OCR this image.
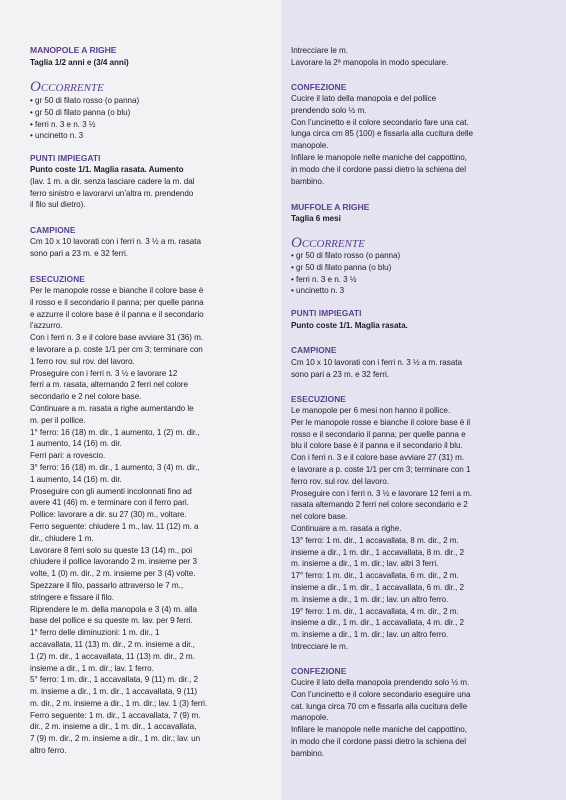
MANOPOLE A RIGHE
Taglia 1/2 anni e (3/4 anni)
Occorrente
• gr 50 di filato rosso (o panna)
• gr 50 di filato panna (o blu)
• ferri n. 3 e n. 3 ½
• uncinetto n. 3
PUNTI IMPIEGATI
Punto coste 1/1. Maglia rasata. Aumento
(lav. 1 m. a dir. senza lasciare cadere la m. dal
ferro sinistro e lavorarvi un’altra m. prendendo
il filo sul dietro).
CAMPIONE
Cm 10 x 10 lavorati con i ferri n. 3 ½ a m. rasata
sono pari a 23 m. e 32 ferri.
ESECUZIONE
Per le manopole rosse e bianche il colore base è
il rosso e il secondario il panna; per quelle panna
e azzurre il colore base è il panna e il secondario
l’azzurro.
Con i ferri n. 3 e il colore base avviare 31 (36) m.
e lavorare a p. coste 1/1 per cm 3; terminare con
1 ferro rov. sul rov. del lavoro.
Proseguire con i ferri n. 3 ½ e lavorare 12
ferri a m. rasata, alternando 2 ferri nel colore
secondario e 2 nel colore base.
Continuare a m. rasata a righe aumentando le
m. per il pollice.
1° ferro: 16 (18) m. dir., 1 aumento, 1 (2) m. dir.,
1 aumento, 14 (16) m. dir.
Ferri pari: a rovescio.
3° ferro: 16 (18) m. dir., 1 aumento, 3 (4) m. dir.,
1 aumento, 14 (16) m. dir.
Proseguire con gli aumenti incolonnati fino ad
avere 41 (46) m. e terminare con il ferro pari.
Pollice: lavorare a dir. su 27 (30) m., voltare.
Ferro seguente: chiudere 1 m., lav. 11 (12) m. a
dir., chiudere 1 m.
Lavorare 8 ferri solo su queste 13 (14) m., poi
chiudere il pollice lavorando 2 m. insieme per 3
volte, 1 (0) m. dir., 2 m. insieme per 3 (4) volte.
Spezzare il filo, passarlo attraverso le 7 m.,
stringere e fissare il filo.
Riprendere le m. della manopola e 3 (4) m. alla
base del pollice e su queste m. lav. per 9 ferri.
1° ferro delle diminuzioni: 1 m. dir., 1
accavallata, 11 (13) m. dir., 2 m. insieme a dir.,
1 (2) m. dir., 1 accavallata, 11 (13) m. dir., 2 m.
insieme a dir., 1 m. dir.; lav. 1 ferro.
5° ferro: 1 m. dir., 1 accavallata, 9 (11) m. dir., 2
m. insieme a dir., 1 m. dir., 1 accavallata, 9 (11)
m. dir., 2 m. insieme a dir., 1 m. dir.; lav. 1 (3) ferri.
Ferro seguente: 1 m. dir., 1 accavallata, 7 (9) m.
dir., 2 m. insieme a dir., 1 m. dir., 1 accavallata,
7 (9) m. dir., 2 m. insieme a dir., 1 m. dir.; lav. un
altro ferro.
Intrecciare le m.
Lavorare la 2ª manopola in modo speculare.
CONFEZIONE
Cucire il lato della manopola e del pollice
prendendo solo ½ m.
Con l’uncinetto e il colore secondario fare una cat.
lunga circa cm 85 (100) e fissarla alla cucitura delle
manopole.
Infilare le manopole nelle maniche del cappottino,
in modo che il cordone passi dietro la schiena del
bambino.
MUFFOLE A RIGHE
Taglia 6 mesi
Occorrente
• gr 50 di filato rosso (o panna)
• gr 50 di filato panna (o blu)
• ferri n. 3 e n. 3 ½
• uncinetto n. 3
PUNTI IMPIEGATI
Punto coste 1/1. Maglia rasata.
CAMPIONE
Cm 10 x 10 lavorati con i ferri n. 3 ½ a m. rasata
sono pari a 23 m. e 32 ferri.
ESECUZIONE
Le manopole per 6 mesi non hanno il pollice.
Per le manopole rosse e bianche il colore base è il
rosso e il secondario il panna; per quelle panna e
blu il colore base è il panna e il secondario il blu.
Con i ferri n. 3 e il colore base avviare 27 (31) m.
e lavorare a p. coste 1/1 per cm 3; terminare con 1
ferro rov. sul rov. del lavoro.
Proseguire con i ferri n. 3 ½ e lavorare 12 ferri a m.
rasata alternando 2 ferri nel colore secondario e 2
nel colore base.
Continuare a m. rasata a righe.
13° ferro: 1 m. dir., 1 accavallata, 8 m. dir., 2 m.
insieme a dir., 1 m. dir., 1 accavallata, 8 m. dir., 2
m. insieme a dir., 1 m. dir.; lav. altri 3 ferri.
17° ferro: 1 m. dir., 1 accavallata, 6 m. dir., 2 m.
insieme a dir., 1 m. dir., 1 accavallata, 6 m. dir., 2
m. insieme a dir., 1 m. dir.; lav. un altro ferro.
19° ferro: 1 m. dir., 1 accavallata, 4 m. dir., 2 m.
insieme a dir., 1 m. dir., 1 accavallata, 4 m. dir., 2
m. insieme a dir., 1 m. dir.; lav. un altro ferro.
Intrecciare le m.
CONFEZIONE
Cucire il lato della manopola prendendo solo ½ m.
Con l’uncinetto e il colore secondario eseguire una
cat. lunga circa 70 cm e fissarla alla cucitura delle
manopole.
Infilare le manopole nelle maniche del cappottino,
in modo che il cordone passi dietro la schiena del
bambino.
